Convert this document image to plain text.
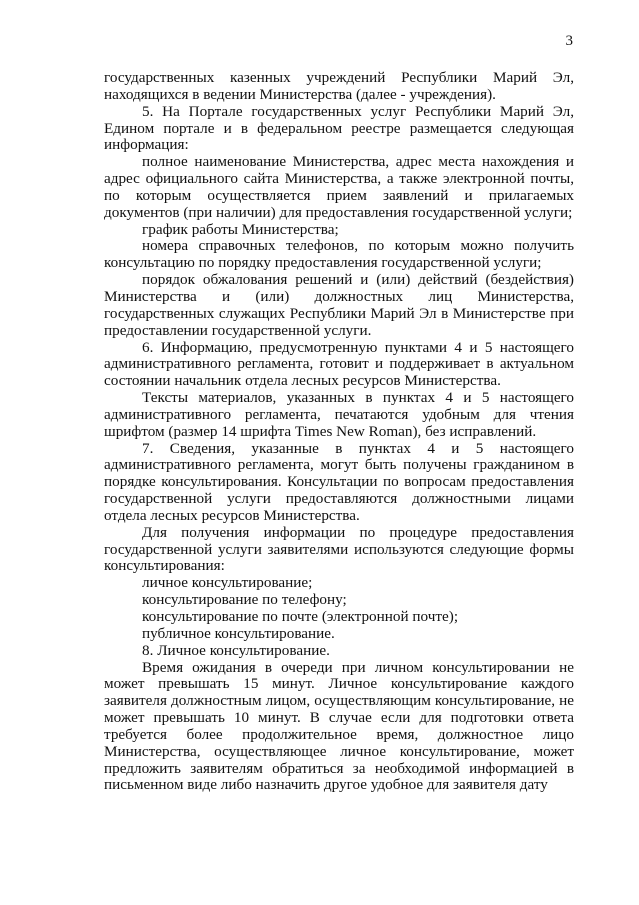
3

государственных казенных учреждений Республики Марий Эл, находящихся в ведении Министерства (далее - учреждения).

5. На Портале государственных услуг Республики Марий Эл, Едином портале и в федеральном реестре размещается следующая информация:

полное наименование Министерства, адрес места нахождения и адрес официального сайта Министерства, а также электронной почты, по которым осуществляется прием заявлений и прилагаемых документов (при наличии) для предоставления государственной услуги;

график работы Министерства;

номера справочных телефонов, по которым можно получить консультацию по порядку предоставления государственной услуги;

порядок обжалования решений и (или) действий (бездействия) Министерства и (или) должностных лиц Министерства, государственных служащих Республики Марий Эл в Министерстве при предоставлении государственной услуги.

6. Информацию, предусмотренную пунктами 4 и 5 настоящего административного регламента, готовит и поддерживает в актуальном состоянии начальник отдела лесных ресурсов Министерства.

Тексты материалов, указанных в пунктах 4 и 5 настоящего административного регламента, печатаются удобным для чтения шрифтом (размер 14 шрифта Times New Roman), без исправлений.

7. Сведения, указанные в пунктах 4 и 5 настоящего административного регламента, могут быть получены гражданином в порядке консультирования. Консультации по вопросам предоставления государственной услуги предоставляются должностными лицами отдела лесных ресурсов Министерства.

Для получения информации по процедуре предоставления государственной услуги заявителями используются следующие формы консультирования:

личное консультирование;

консультирование по телефону;

консультирование по почте (электронной почте);

публичное консультирование.

8. Личное консультирование.

Время ожидания в очереди при личном консультировании не может превышать 15 минут. Личное консультирование каждого заявителя должностным лицом, осуществляющим консультирование, не может превышать 10 минут. В случае если для подготовки ответа требуется более продолжительное время, должностное лицо Министерства, осуществляющее личное консультирование, может предложить заявителям обратиться за необходимой информацией в письменном виде либо назначить другое удобное для заявителя дату
